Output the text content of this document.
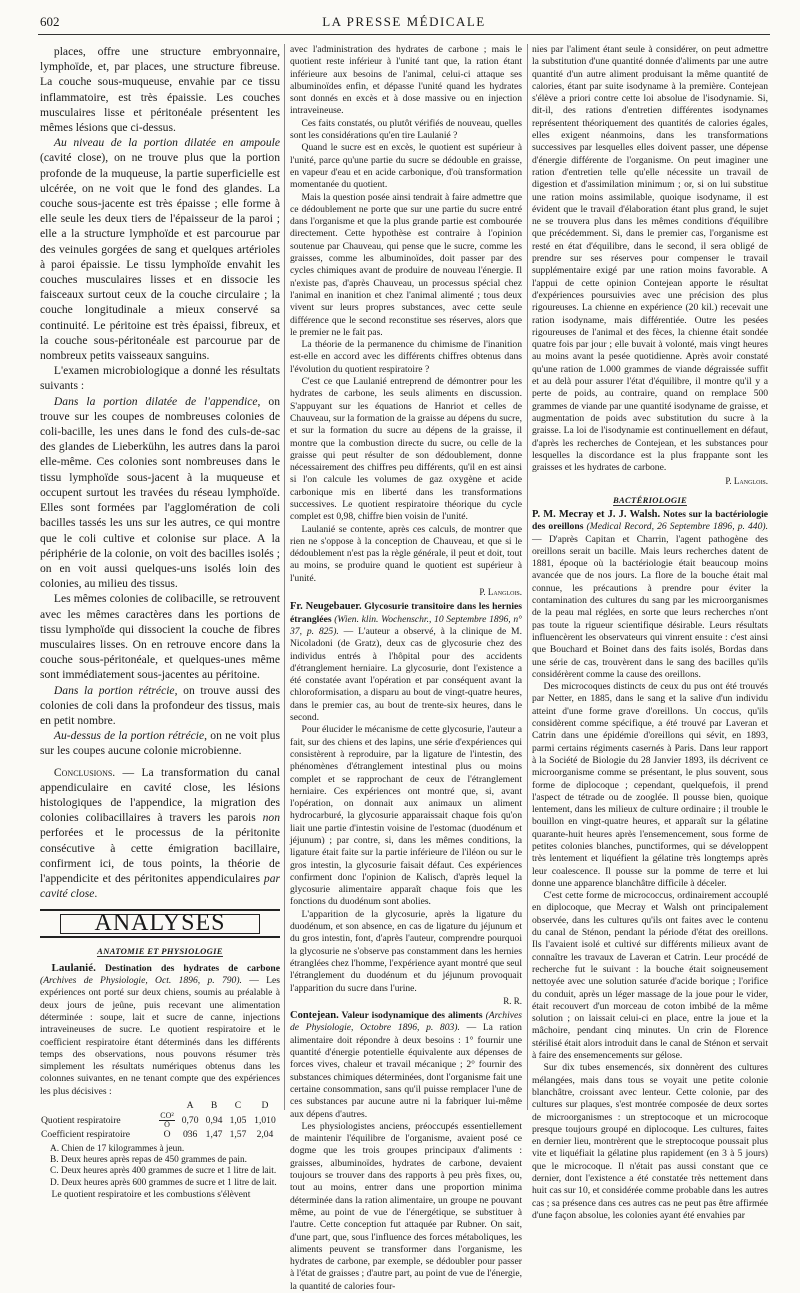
602	LA PRESSE MÉDICALE

places, offre une structure embryonnaire, lymphoïde, et, par places, une structure fibreuse. La couche sous-muqueuse, envahie par ce tissu inflammatoire, est très épaissie. Les couches musculaires lisse et péritonéale présentent les mêmes lésions que ci-dessus.

Au niveau de la portion dilatée en ampoule (cavité close), on ne trouve plus que la portion profonde de la muqueuse, la partie superficielle est ulcérée, on ne voit que le fond des glandes. La couche sous-jacente est très épaisse ; elle forme à elle seule les deux tiers de l'épaisseur de la paroi ; elle a la structure lymphoïde et est parcourue par des veinules gorgées de sang et quelques artérioles à paroi épaissie. Le tissu lymphoïde envahit les couches musculaires lisses et en dissocie les faisceaux surtout ceux de la couche circulaire ; la couche longitudinale a mieux conservé sa continuité. Le péritoine est très épaissi, fibreux, et la couche sous-péritonéale est parcourue par de nombreux petits vaisseaux sanguins.

L'examen microbiologique a donné les résultats suivants :

Dans la portion dilatée de l'appendice, on trouve sur les coupes de nombreuses colonies de coli-bacille, les unes dans le fond des culs-de-sac des glandes de Lieberkühn, les autres dans la paroi elle-même. Ces colonies sont nombreuses dans le tissu lymphoïde sous-jacent à la muqueuse et occupent surtout les travées du réseau lymphoïde. Elles sont formées par l'agglomération de coli bacilles tassés les uns sur les autres, ce qui montre que le coli cultive et colonise sur place. A la périphérie de la colonie, on voit des bacilles isolés ; on en voit aussi quelques-uns isolés loin des colonies, au milieu des tissus.

Les mêmes colonies de colibacille, se retrouvent avec les mêmes caractères dans les portions de tissu lymphoïde qui dissocient la couche de fibres musculaires lisses. On en retrouve encore dans la couche sous-péritonéale, et quelques-unes même sont immédiatement sous-jacentes au péritoine.

Dans la portion rétrécie, on trouve aussi des colonies de coli dans la profondeur des tissus, mais en petit nombre.

Au-dessus de la portion rétrécie, on ne voit plus sur les coupes aucune colonie microbienne.

Conclusions. — La transformation du canal appendiculaire en cavité close, les lésions histologiques de l'appendice, la migration des colonies colibacillaires à travers les parois non perforées et le processus de la péritonite consécutive à cette émigration bacillaire, confirment ici, de tous points, la théorie de l'appendicite et des péritonites appendiculaires par cavité close.

ANALYSES
ANATOMIE ET PHYSIOLOGIE

Laulanié. Destination des hydrates de carbone (Archives de Physiologie, Oct. 1896, p. 790). — Les expériences ont porté sur deux chiens, soumis au préalable à deux jours de jeûne, puis recevant une alimentation déterminée : soupe, lait et sucre de canne, injections intraveineuses de sucre. Le quotient respiratoire et le coefficient respiratoire étant déterminés dans les différents temps des observations, nous pouvons résumer très simplement les résultats numériques obtenus dans les colonnes suivantes, en ne tenant compte que des expériences les plus décisives :

		A	B	C	D
Quotient respiratoire	$\frac{\text{CO²}}{O}$	0,70	0,94	1,05	1,010
Coefficient respiratoire	O	0⁠ͤ36	1,47	1,57	2,04
A. Chien de 17 kilogrammes à jeun.
B. Deux heures après repas de 450 grammes de pain.
C. Deux heures après 400 grammes de sucre et 1 litre de lait.
D. Deux heures après 600 grammes de sucre et 1 litre de lait.

Le quotient respiratoire et les combustions s'élèvent

avec l'administration des hydrates de carbone ; mais le quotient reste inférieur à l'unité tant que, la ration étant inférieure aux besoins de l'animal, celui-ci attaque ses albuminoïdes enfin, et dépasse l'unité quand les hydrates sont donnés en excès et à dose massive ou en injection intraveineuse.

Ces faits constatés, ou plutôt vérifiés de nouveau, quelles sont les considérations qu'en tire Laulanié ?

Quand le sucre est en excès, le quotient est supérieur à l'unité, parce qu'une partie du sucre se dédouble en graisse, en vapeur d'eau et en acide carbonique, d'où transformation momentanée du quotient.

Mais la question posée ainsi tendrait à faire admettre que ce dédoublement ne porte que sur une partie du sucre entré dans l'organisme et que la plus grande partie est combourée directement. Cette hypothèse est contraire à l'opinion soutenue par Chauveau, qui pense que le sucre, comme les graisses, comme les albuminoïdes, doit passer par des cycles chimiques avant de produire de nouveau l'énergie. Il n'existe pas, d'après Chauveau, un processus spécial chez l'animal en inanition et chez l'animal alimenté ; tous deux vivent sur leurs propres substances, avec cette seule différence que le second reconstitue ses réserves, alors que le premier ne le fait pas.

La théorie de la permanence du chimisme de l'inanition est-elle en accord avec les différents chiffres obtenus dans l'évolution du quotient respiratoire ?

C'est ce que Laulanié entreprend de démontrer pour les hydrates de carbone, les seuls aliments en discussion. S'appuyant sur les équations de Hanriot et celles de Chauveau, sur la formation de la graisse au dépens du sucre, et sur la formation du sucre au dépens de la graisse, il montre que la combustion directe du sucre, ou celle de la graisse qui peut résulter de son dédoublement, donne nécessairement des chiffres peu différents, qu'il en est ainsi si l'on calcule les volumes de gaz oxygène et acide carbonique mis en liberté dans les transformations successives. Le quotient respiratoire théorique du cycle complet est 0,98, chiffre bien voisin de l'unité.

Laulanié se contente, après ces calculs, de montrer que rien ne s'oppose à la conception de Chauveau, et que si le dédoublement n'est pas la règle générale, il peut et doit, tout au moins, se produire quand le quotient est supérieur à l'unité.

P. Langlois.

Fr. Neugebauer. Glycosurie transitoire dans les hernies étranglées (Wien. klin. Wochenschr., 10 Septembre 1896, n° 37, p. 825). — L'auteur a observé, à la clinique de M. Nicoladoni (de Gratz), deux cas de glycosurie chez des individus entrés à l'hôpital pour des accidents d'étranglement herniaire. La glycosurie, dont l'existence a été constatée avant l'opération et par conséquent avant la chloroformisation, a disparu au bout de vingt-quatre heures, dans le premier cas, au bout de trente-six heures, dans le second.

Pour élucider le mécanisme de cette glycosurie, l'auteur a fait, sur des chiens et des lapins, une série d'expériences qui consistèrent à reproduire, par la ligature de l'intestin, des phénomènes d'étranglement intestinal plus ou moins complet et se rapprochant de ceux de l'étranglement herniaire. Ces expériences ont montré que, si, avant l'opération, on donnait aux animaux un aliment hydrocarburé, la glycosurie apparaissait chaque fois qu'on liait une partie d'intestin voisine de l'estomac (duodénum et jéjunum) ; par contre, si, dans les mêmes conditions, la ligature était faite sur la partie inférieure de l'iléon ou sur le gros intestin, la glycosurie faisait défaut. Ces expériences confirment donc l'opinion de Kalisch, d'après lequel la glycosurie alimentaire apparaît chaque fois que les fonctions du duodénum sont abolies.

L'apparition de la glycosurie, après la ligature du duodénum, et son absence, en cas de ligature du jéjunum et du gros intestin, font, d'après l'auteur, comprendre pourquoi la glycosurie ne s'observe pas constamment dans les hernies étranglées chez l'homme, l'expérience ayant montré que seul l'étranglement du duodénum et du jéjunum provoquait l'apparition du sucre dans l'urine.

R. R.

Contejean. Valeur isodynamique des aliments (Archives de Physiologie, Octobre 1896, p. 803). — La ration alimentaire doit répondre à deux besoins : 1° fournir une quantité d'énergie potentielle équivalente aux dépenses de forces vives, chaleur et travail mécanique ; 2° fournir des substances chimiques déterminées, dont l'organisme fait une certaine consommation, sans qu'il puisse remplacer l'une de ces substances par aucune autre ni la fabriquer lui-même aux dépens d'autres.

Les physiologistes anciens, préoccupés essentiellement de maintenir l'équilibre de l'organisme, avaient posé ce dogme que les trois groupes principaux d'aliments : graisses, albuminoïdes, hydrates de carbone, devaient toujours se trouver dans des rapports à peu près fixes, ou, tout au moins, entrer dans une proportion minima déterminée dans la ration alimentaire, un groupe ne pouvant même, au point de vue de l'énergétique, se substituer à l'autre. Cette conception fut attaquée par Rubner. On sait, d'une part, que, sous l'influence des forces métaboliques, les aliments peuvent se transformer dans l'organisme, les hydrates de carbone, par exemple, se dédoubler pour passer à l'état de graisses ; d'autre part, au point de vue de l'énergie, la quantité de calories four-

nies par l'aliment étant seule à considérer, on peut admettre la substitution d'une quantité donnée d'aliments par une autre quantité d'un autre aliment produisant la même quantité de calories, étant par suite isodyname à la première. Contejean s'élève a priori contre cette loi absolue de l'isodynamie. Si, dit-il, des rations d'entretien différentes isodynames représentent théoriquement des quantités de calories égales, elles exigent néanmoins, dans les transformations successives par lesquelles elles doivent passer, une dépense d'énergie différente de l'organisme. On peut imaginer une ration d'entretien telle qu'elle nécessite un travail de digestion et d'assimilation minimum ; or, si on lui substitue une ration moins assimilable, quoique isodyname, il est évident que le travail d'élaboration étant plus grand, le sujet ne se trouvera plus dans les mêmes conditions d'équilibre que précédemment. Si, dans le premier cas, l'organisme est resté en état d'équilibre, dans le second, il sera obligé de prendre sur ses réserves pour compenser le travail supplémentaire exigé par une ration moins favorable. A l'appui de cette opinion Contejean apporte le résultat d'expériences poursuivies avec une précision des plus rigoureuses. La chienne en expérience (20 kil.) recevait une ration isodyname, mais différentiée. Outre les pesées rigoureuses de l'animal et des fèces, la chienne était sondée quatre fois par jour ; elle buvait à volonté, mais vingt heures au moins avant la pesée quotidienne. Après avoir constaté qu'une ration de 1.000 grammes de viande dégraissée suffit et au delà pour assurer l'état d'équilibre, il montre qu'il y a perte de poids, au contraire, quand on remplace 500 grammes de viande par une quantité isodyname de graisse, et augmentation de poids avec substitution du sucre à la graisse. La loi de l'isodynamie est continuellement en défaut, d'après les recherches de Contejean, et les substances pour lesquelles la discordance est la plus frappante sont les graisses et les hydrates de carbone.

P. Langlois.
BACTÉRIOLOGIE

P. M. Mecray et J. J. Walsh. Notes sur la bactériologie des oreillons (Medical Record, 26 Septembre 1896, p. 440). — D'après Capitan et Charrin, l'agent pathogène des oreillons serait un bacille. Mais leurs recherches datent de 1881, époque où la bactériologie était beaucoup moins avancée que de nos jours. La flore de la bouche était mal connue, les précautions à prendre pour éviter la contamination des cultures du sang par les microorganismes de la peau mal réglées, en sorte que leurs recherches n'ont pas toute la rigueur scientifique désirable. Leurs résultats influencèrent les observateurs qui vinrent ensuite : c'est ainsi que Bouchard et Boinet dans des faits isolés, Bordas dans une série de cas, trouvèrent dans le sang des bacilles qu'ils considérèrent comme la cause des oreillons.

Des microcoques distincts de ceux du pus ont été trouvés par Netter, en 1885, dans le sang et la salive d'un individu atteint d'une forme grave d'oreillons. Un coccus, qu'ils considèrent comme spécifique, a été trouvé par Laveran et Catrin dans une épidémie d'oreillons qui sévit, en 1893, parmi certains régiments casernés à Paris. Dans leur rapport à la Société de Biologie du 28 Janvier 1893, ils décrivent ce microorganisme comme se présentant, le plus souvent, sous forme de diplocoque ; cependant, quelquefois, il prend l'aspect de tétrade ou de zooglée. Il pousse bien, quoique lentement, dans les milieux de culture ordinaire ; il trouble le bouillon en vingt-quatre heures, et apparaît sur la gélatine quarante-huit heures après l'ensemencement, sous forme de petites colonies blanches, punctiformes, qui se développent très lentement et liquéfient la gélatine très longtemps après leur coalescence. Il pousse sur la pomme de terre et lui donne une apparence blanchâtre difficile à déceler.

C'est cette forme de micrococcus, ordinairement accouplé en diplocoque, que Mecray et Walsh ont principalement observée, dans les cultures qu'ils ont faites avec le contenu du canal de Sténon, pendant la période d'état des oreillons. Ils l'avaient isolé et cultivé sur différents milieux avant de connaître les travaux de Laveran et Catrin. Leur procédé de recherche fut le suivant : la bouche était soigneusement nettoyée avec une solution saturée d'acide borique ; l'orifice du conduit, après un léger massage de la joue pour le vider, était recouvert d'un morceau de coton imbibé de la même solution ; on laissait celui-ci en place, entre la joue et la mâchoire, pendant cinq minutes. Un crin de Florence stérilisé était alors introduit dans le canal de Sténon et servait à faire des ensemencements sur gélose.

Sur dix tubes ensemencés, six donnèrent des cultures mélangées, mais dans tous se voyait une petite colonie blanchâtre, croissant avec lenteur. Cette colonie, par des cultures sur plaques, s'est montrée composée de deux sortes de microorganismes : un streptocoque et un microcoque presque toujours groupé en diplocoque. Les cultures, faites en dernier lieu, montrèrent que le streptocoque poussait plus vite et liquéfiait la gélatine plus rapidement (en 3 à 5 jours) que le microcoque. Il n'était pas aussi constant que ce dernier, dont l'existence a été constatée très nettement dans huit cas sur 10, et considérée comme probable dans les autres cas ; sa présence dans ces autres cas ne peut pas être affirmée d'une façon absolue, les colonies ayant été envahies par
